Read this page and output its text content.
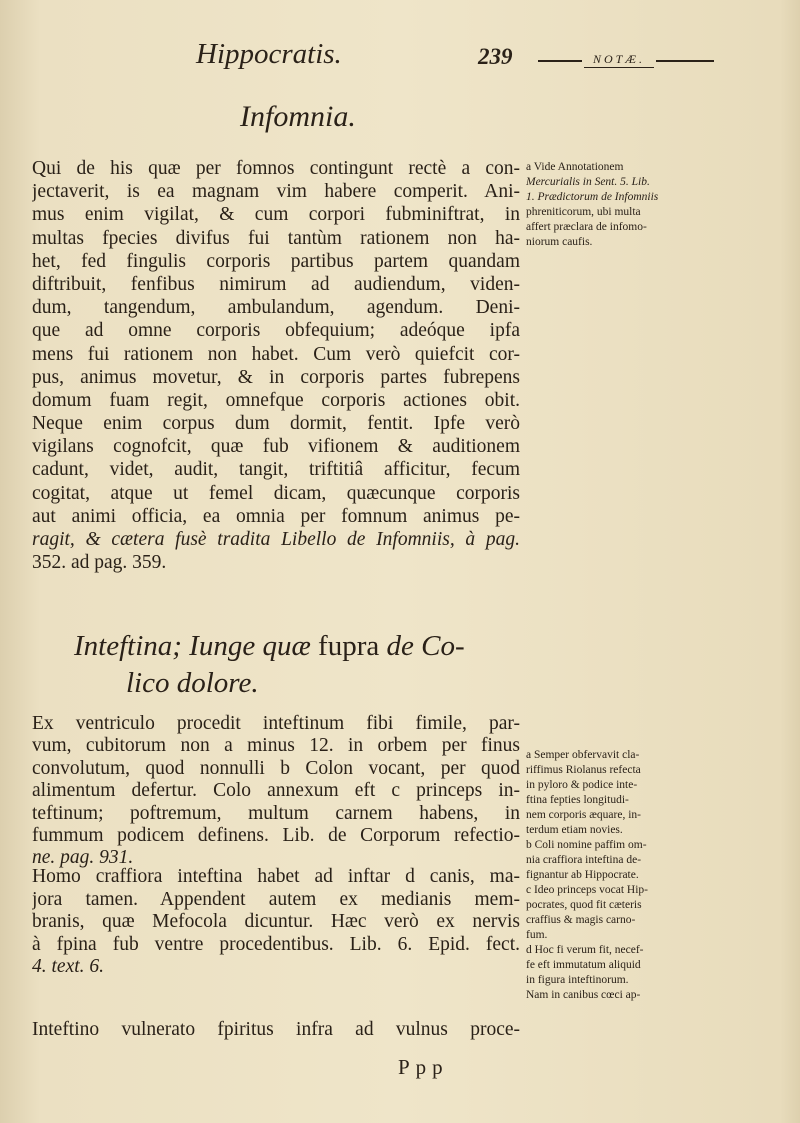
Hippocratis.	239	NOTÆ.
Infomnia.
Qui de his quæ per fomnos contingunt rectè a con-
jectaverit, is ea magnam vim habere comperit. Ani-
mus enim vigilat, & cum corpori fubminiftrat, in
multas fpecies divifus fui tantùm rationem non ha-
het, fed fingulis corporis partibus partem quandam
diftribuit, fenfibus nimirum ad audiendum, viden-
dum, tangendum, ambulandum, agendum. Deni-
que ad omne corporis obfequium; adeóque ipfa
mens fui rationem non habet. Cum verò quiefcit cor-
pus, animus movetur, & in corporis partes fubrepens
domum fuam regit, omnefque corporis actiones obit.
Neque enim corpus dum dormit, fentit. Ipfe verò
vigilans cognofcit, quæ fub vifionem & auditionem
cadunt, videt, audit, tangit, triftitiâ afficitur, fecum
cogitat, atque ut femel dicam, quæcunque corporis
aut animi officia, ea omnia per fomnum animus pe-
ragit, & cætera fusè tradita Libello de Infomniis, à pag.
352. ad pag. 359.
a Vide Annotationem
Mercurialis in Sent. 5. Lib.
1. Prædictorum de Infomniis
phreniticorum, ubi multa
affert præclara de infomo-
niorum caufis.
Inteftina; Iunge quæ fupra de Co-
lico dolore.
Ex ventriculo procedit inteftinum fibi fimile, par-
vum, cubitorum non a minus 12. in orbem per finus
convolutum, quod nonnulli b Colon vocant, per quod
alimentum defertur. Colo annexum eft c princeps in-
teftinum; poftremum, multum carnem habens, in
fummum podicem definens. Lib. de Corporum refectio-
ne. pag. 931.
Homo craffiora inteftina habet ad inftar d canis, ma-
jora tamen. Appendent autem ex medianis mem-
branis, quæ Mefocola dicuntur. Hæc verò ex nervis
à fpina fub ventre procedentibus. Lib. 6. Epid. fect.
4. text. 6.
Inteftino vulnerato fpiritus infra ad vulnus proce-
a Semper obfervavit cla-
riffimus Riolanus refecta
in pyloro & podice inte-
ftina fepties longitudi-
nem corporis æquare, in-
terdum etiam novies.
b Coli nomine paffim om-
nia craffiora inteftina de-
fignantur ab Hippocrate.
c Ideo princeps vocat Hip-
pocrates, quod fit cæteris
craffius & magis carno-
fum.
d Hoc fi verum fit, necef-
fe eft immutatum aliquid
in figura inteftinorum.
Nam in canibus cœci ap-
Ppp
